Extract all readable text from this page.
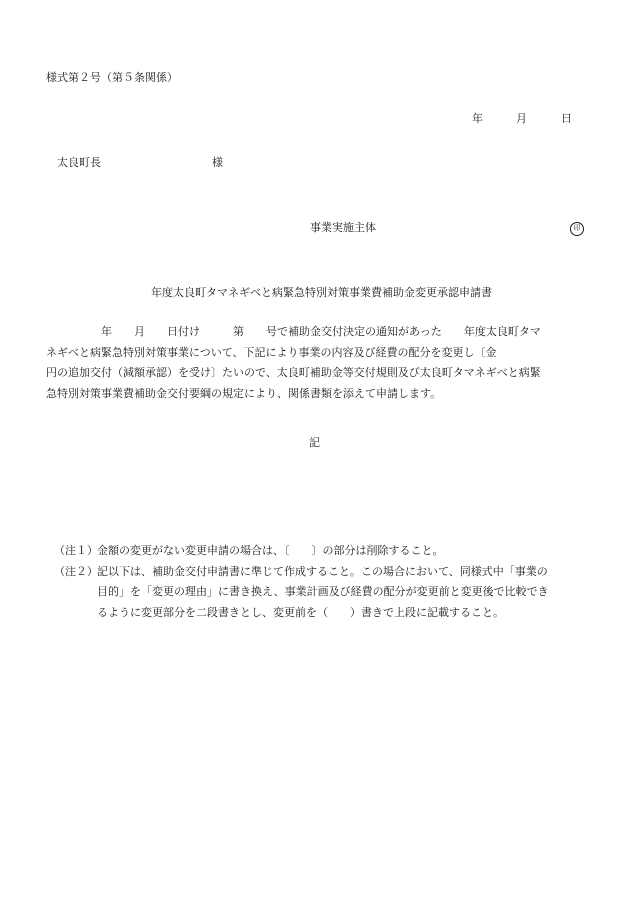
様式第２号（第５条関係）
年	月	日
太良町長	様
事業実施主体	印
年度太良町タマネギべと病緊急特別対策事業費補助金変更承認申請書
　　　　　年　　月　　日付け　　　第　　号で補助金交付決定の通知があった　　年度太良町タマ
ネギべと病緊急特別対策事業について、下記により事業の内容及び経費の配分を変更し〔金
円の追加交付（減額承認）を受け〕たいので、太良町補助金等交付規則及び太良町タマネギべと病緊
急特別対策事業費補助金交付要綱の規定により、関係書類を添えて申請します。
記
（注１） 金額の変更がない変更申請の場合は、〔　　〕の部分は削除すること。
（注２） 記以下は、補助金交付申請書に準じて作成すること。この場合において、同様式中「事業の
目的」を「変更の理由」に書き換え、事業計画及び経費の配分が変更前と変更後で比較でき
るように変更部分を二段書きとし、変更前を（　　）書きで上段に記載すること。
